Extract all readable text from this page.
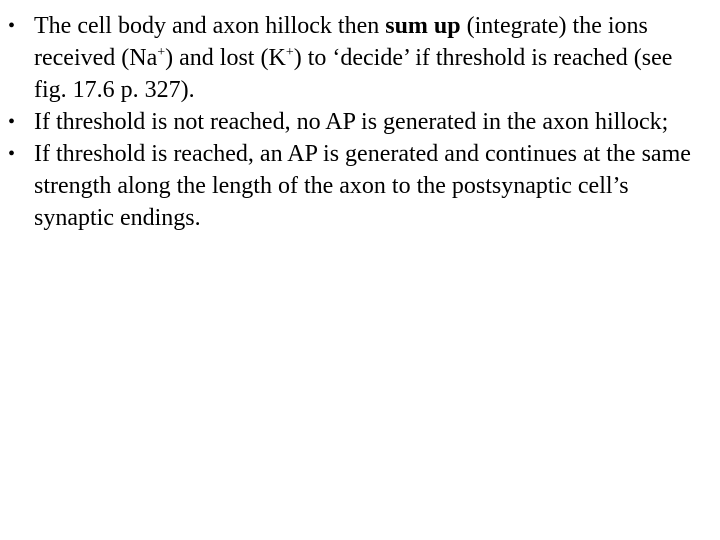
• The cell body and axon hillock then sum up (integrate) the ions received (Na+) and lost (K+) to ‘decide’ if threshold is reached (see fig. 17.6 p. 327).
• If threshold is not reached, no AP is generated in the axon hillock;
• If threshold is reached, an AP is generated and continues at the same strength along the length of the axon to the postsynaptic cell’s synaptic endings.
